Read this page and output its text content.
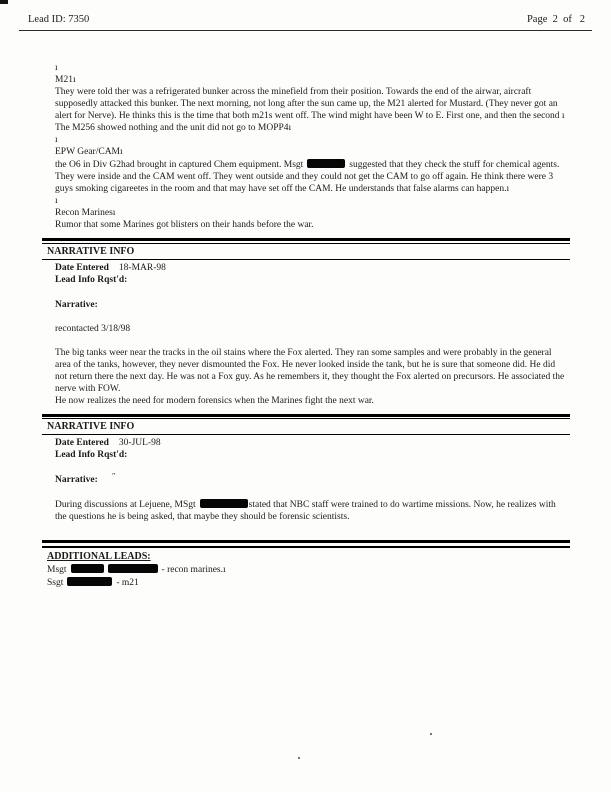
Lead ID: 7350	Page  2  of   2
ı
M21ı
They were told ther was a refrigerated bunker across the minefield from their position. Towards the end of the airwar, aircraft supposedly attacked this bunker. The next morning, not long after the sun came up, the M21 alerted for Mustard. (They never got an alert for Nerve). He thinks this is the time that both m21s went off. The wind might have been W to E. First one, and then the second ı
The M256 showed nothing and the unit did not go to MOPP4ı
ı
EPW Gear/CAMı
the O6 in Div G2had brought in captured Chem equipment. Msgt	suggested that they check the stuff for chemical agents. They were inside and the CAM went off. They went outside and they could not get the CAM to go off again. He think there were 3 guys smoking cigareetes in the room and that may have set off the CAM. He understands that false alarms can happen.ı
ı
Recon Marinesı
Rumor that some Marines got blisters on their hands before the war.
NARRATIVE INFO
Date Entered 18-MAR-98
Lead Info Rqst'd:
Narrative:
recontacted 3/18/98
The big tanks weer near the tracks in the oil stains where the Fox alerted. They ran some samples and were probably in the general area of the tanks, however, they never dismounted the Fox. He never looked inside the tank, but he is sure that someone did. He did not return there the next day. He was not a Fox guy. As he remembers it, they thought the Fox alerted on precursors. He associated the nerve with FOW.
He now realizes the need for modern forensics when the Marines fight the next war.
NARRATIVE INFO
Date Entered 30-JUL-98
Lead Info Rqst'd:
Narrative: ″
During discussions at Lejuene, MSgt	stated that NBC staff were trained to do wartime missions. Now, he realizes with the questions he is being asked, that maybe they should be forensic scientists.
ADDITIONAL LEADS:
Msgt	- recon marines.ı
Ssgt	- m21
